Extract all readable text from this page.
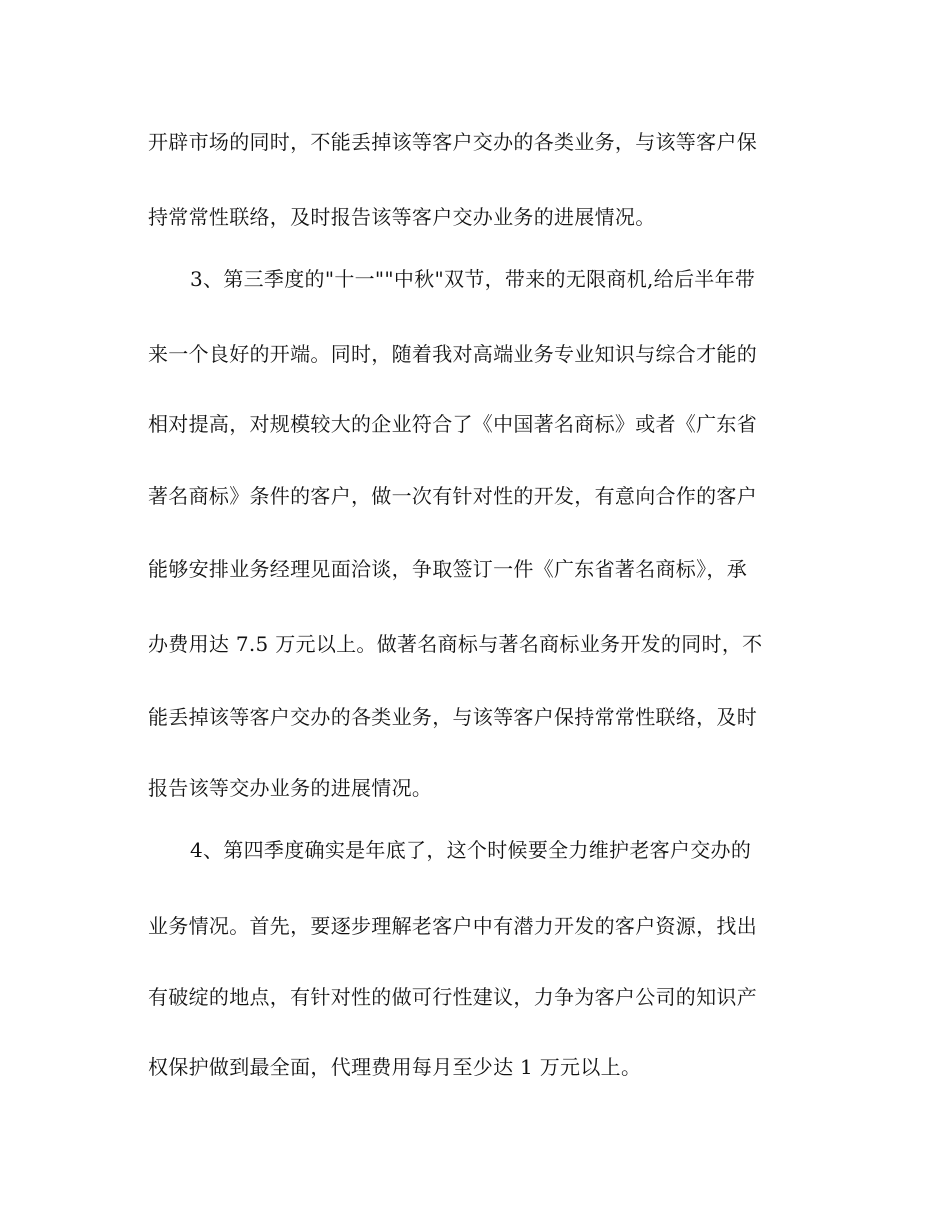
开辟市场的同时，不能丢掉该等客户交办的各类业务，与该等客户保

持常常性联络，及时报告该等客户交办业务的进展情况。

3、第三季度的"十一""中秋"双节，带来的无限商机,给后半年带

来一个良好的开端。同时，随着我对高端业务专业知识与综合才能的

相对提高，对规模较大的企业符合了《中国著名商标》或者《广东省

著名商标》条件的客户，做一次有针对性的开发，有意向合作的客户

能够安排业务经理见面洽谈，争取签订一件《广东省著名商标》，承

办费用达 7.5 万元以上。做著名商标与著名商标业务开发的同时，不

能丢掉该等客户交办的各类业务，与该等客户保持常常性联络，及时

报告该等交办业务的进展情况。

4、第四季度确实是年底了，这个时候要全力维护老客户交办的

业务情况。首先，要逐步理解老客户中有潜力开发的客户资源，找出

有破绽的地点，有针对性的做可行性建议，力争为客户公司的知识产

权保护做到最全面，代理费用每月至少达 1 万元以上。
